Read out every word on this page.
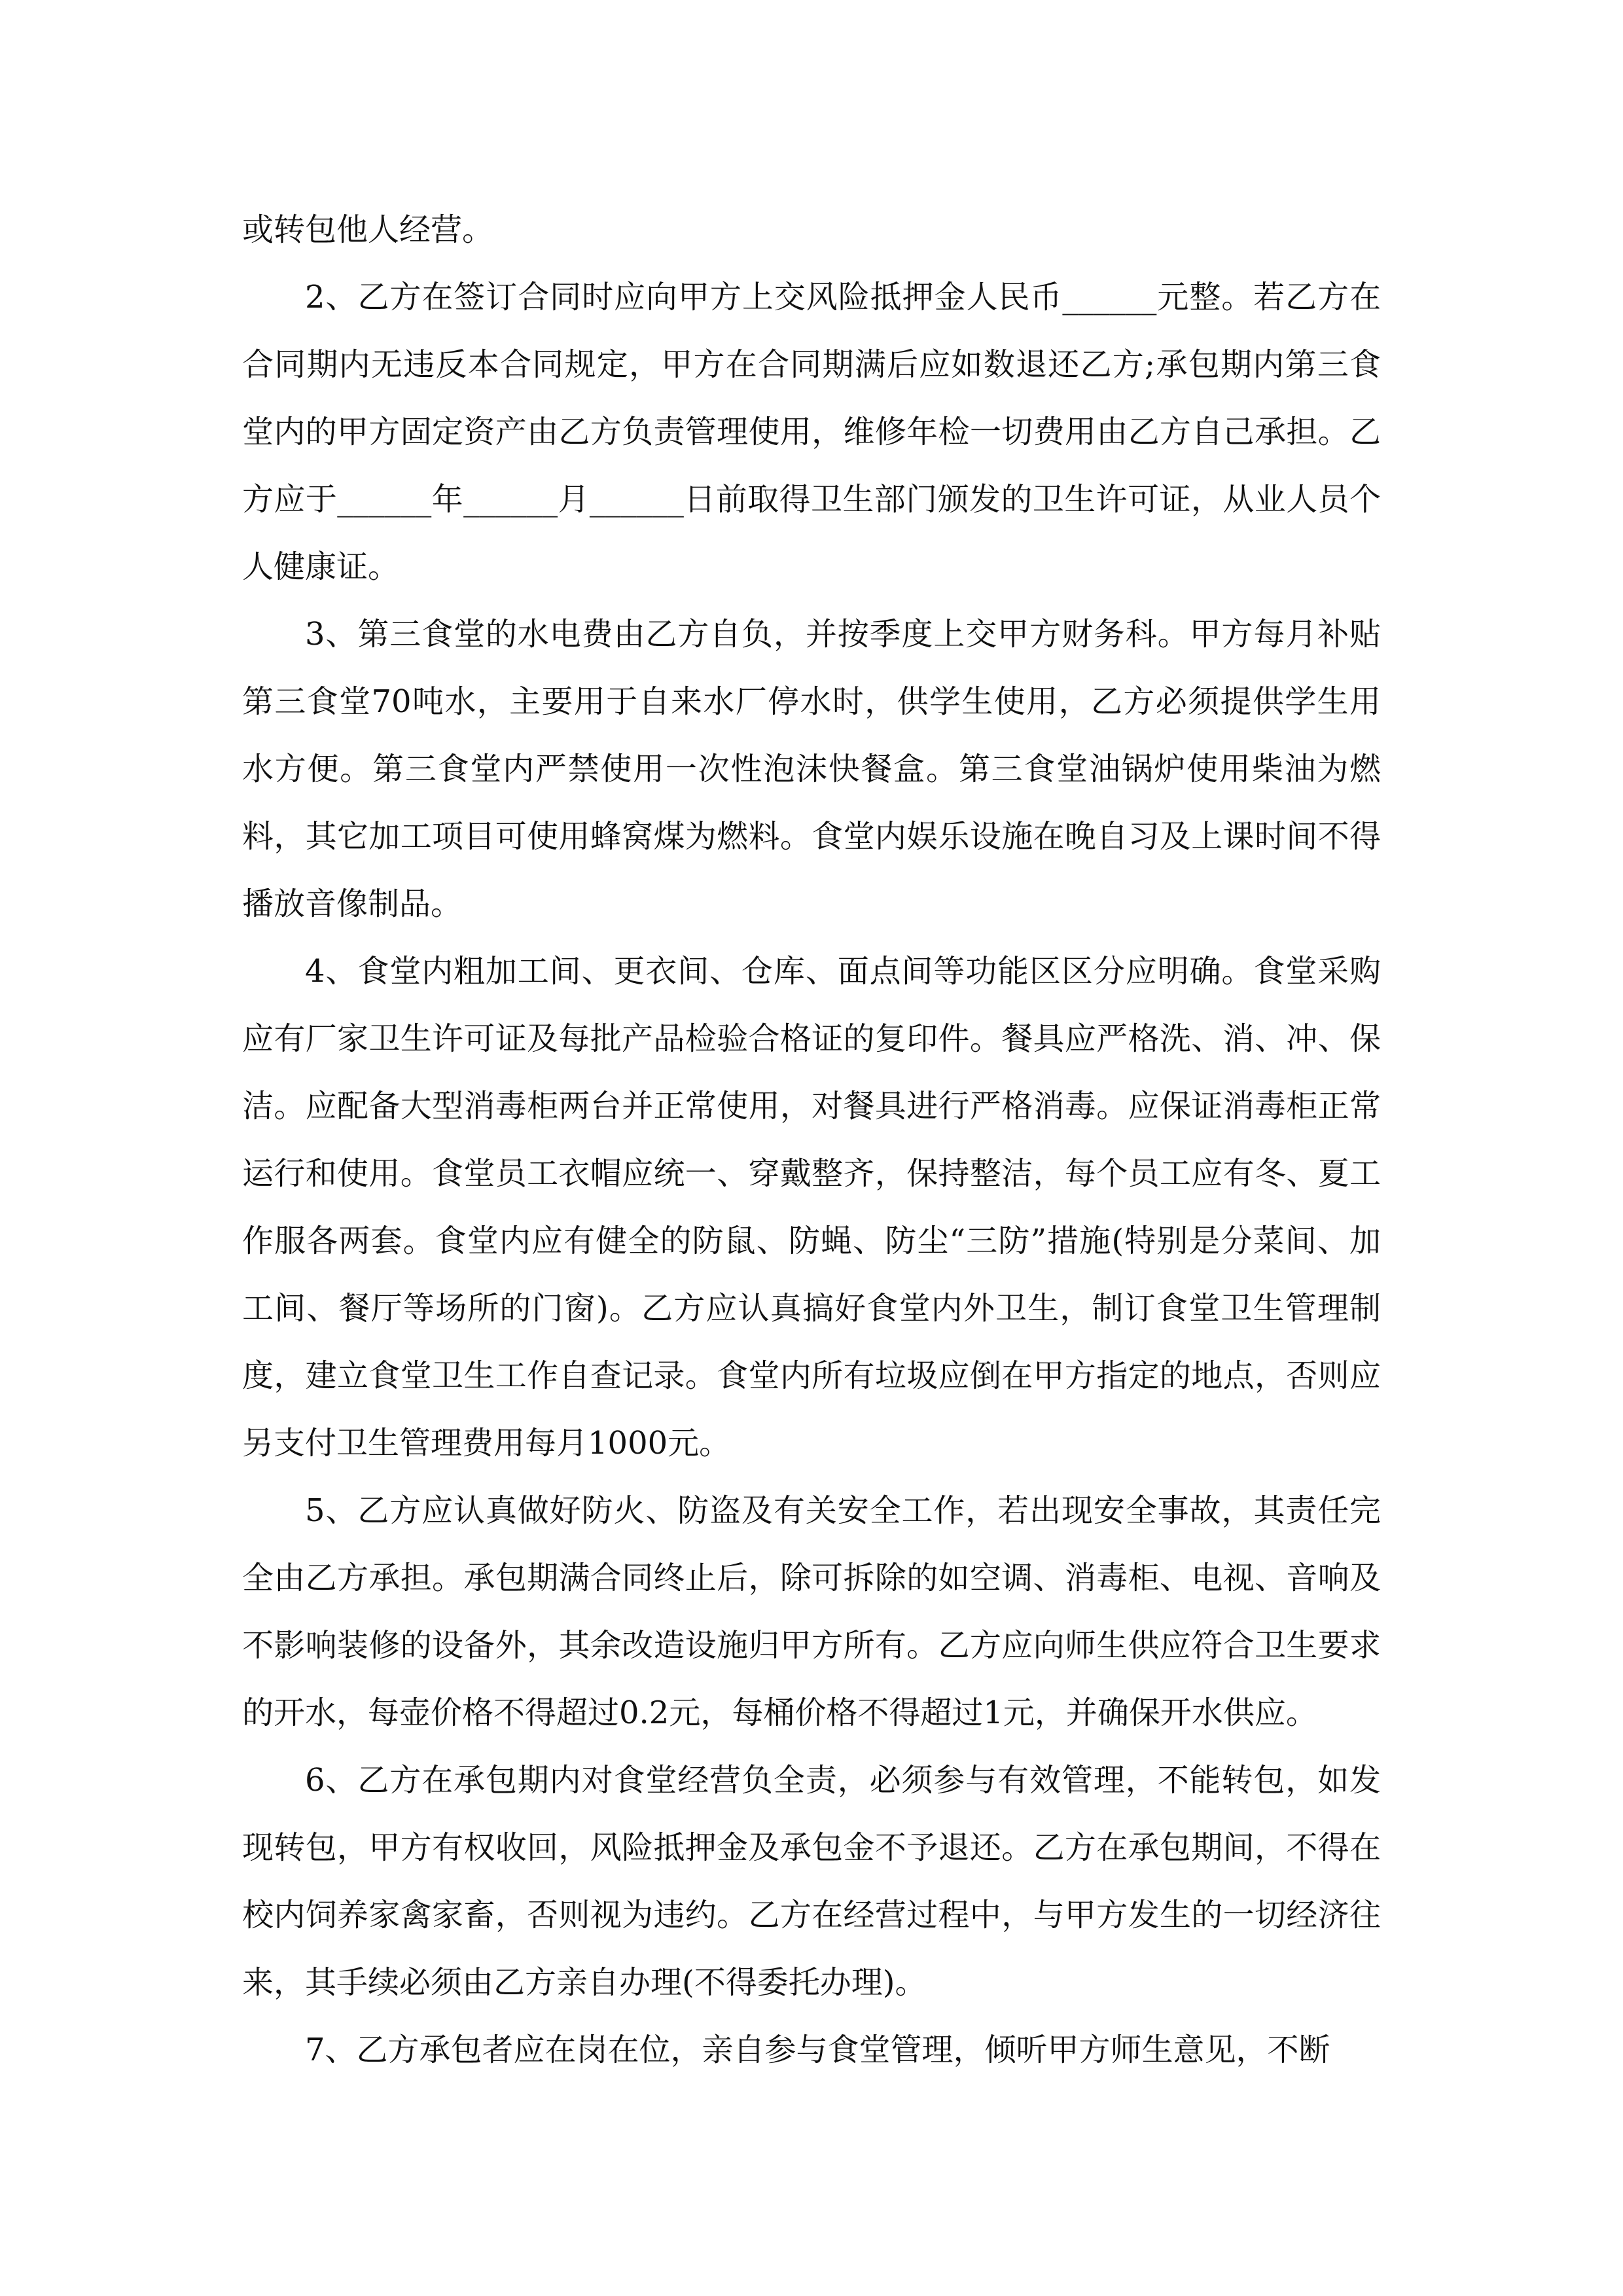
或转包他人经营。

2、乙方在签订合同时应向甲方上交风险抵押金人民币______元整。若乙方在合同期内无违反本合同规定，甲方在合同期满后应如数退还乙方;承包期内第三食堂内的甲方固定资产由乙方负责管理使用，维修年检一切费用由乙方自己承担。乙方应于______年______月______日前取得卫生部门颁发的卫生许可证，从业人员个人健康证。

3、第三食堂的水电费由乙方自负，并按季度上交甲方财务科。甲方每月补贴第三食堂70吨水，主要用于自来水厂停水时，供学生使用，乙方必须提供学生用水方便。第三食堂内严禁使用一次性泡沫快餐盒。第三食堂油锅炉使用柴油为燃料，其它加工项目可使用蜂窝煤为燃料。食堂内娱乐设施在晚自习及上课时间不得播放音像制品。

4、食堂内粗加工间、更衣间、仓库、面点间等功能区区分应明确。食堂采购应有厂家卫生许可证及每批产品检验合格证的复印件。餐具应严格洗、消、冲、保洁。应配备大型消毒柜两台并正常使用，对餐具进行严格消毒。应保证消毒柜正常运行和使用。食堂员工衣帽应统一、穿戴整齐，保持整洁，每个员工应有冬、夏工作服各两套。食堂内应有健全的防鼠、防蝇、防尘“三防”措施(特别是分菜间、加工间、餐厅等场所的门窗)。乙方应认真搞好食堂内外卫生，制订食堂卫生管理制度，建立食堂卫生工作自查记录。食堂内所有垃圾应倒在甲方指定的地点，否则应另支付卫生管理费用每月1000元。

5、乙方应认真做好防火、防盗及有关安全工作，若出现安全事故，其责任完全由乙方承担。承包期满合同终止后，除可拆除的如空调、消毒柜、电视、音响及不影响装修的设备外，其余改造设施归甲方所有。乙方应向师生供应符合卫生要求的开水，每壶价格不得超过0.2元，每桶价格不得超过1元，并确保开水供应。

6、乙方在承包期内对食堂经营负全责，必须参与有效管理，不能转包，如发现转包，甲方有权收回，风险抵押金及承包金不予退还。乙方在承包期间，不得在校内饲养家禽家畜，否则视为违约。乙方在经营过程中，与甲方发生的一切经济往来，其手续必须由乙方亲自办理(不得委托办理)。

7、乙方承包者应在岗在位，亲自参与食堂管理，倾听甲方师生意见，不断
